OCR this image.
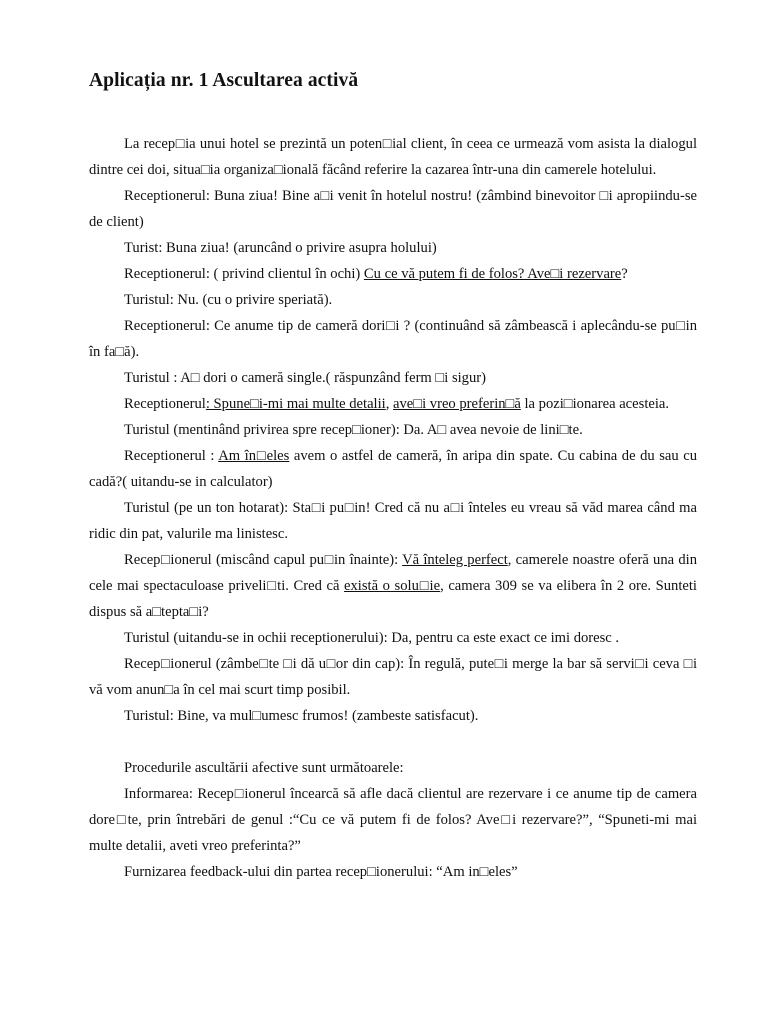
Aplicația nr. 1 Ascultarea activă

La recep□ia unui hotel se prezintă un poten□ial client, în ceea ce urmează vom asista la dialogul dintre cei doi, situa□ia organiza□ională făcând referire la cazarea într-una din camerele hotelului.

Receptionerul: Buna ziua! Bine a□i venit în hotelul nostru! (zâmbind binevoitor □i apropiindu-se de client)

Turist: Buna ziua! (aruncând o privire asupra holului)

Receptionerul: ( privind clientul în ochi) Cu ce vă putem fi de folos? Ave□i rezervare?

Turistul: Nu. (cu o privire speriată).

Receptionerul: Ce anume tip de cameră dori□i ? (continuând să zâmbească i aplecându-se pu□in în fa□ă).

Turistul : A□ dori o cameră single.( răspunzând ferm □i sigur)

Receptionerul: Spune□i-mi mai multe detalii, ave□i vreo preferin□ă la pozi□ionarea acesteia.

Turistul (mentinând privirea spre recep□ioner): Da. A□ avea nevoie de lini□te.

Receptionerul : Am în□eles avem o astfel de cameră, în aripa din spate. Cu cabina de du sau cu cadă?( uitandu-se in calculator)

Turistul (pe un ton hotarat): Sta□i pu□in! Cred că nu a□i înteles eu vreau să văd marea când ma ridic din pat, valurile ma linistesc.

Recep□ionerul (miscând capul pu□in înainte): Vă înteleg perfect, camerele noastre oferă una din cele mai spectaculoase priveli□ti. Cred că există o solu□ie, camera 309 se va elibera în 2 ore. Sunteti dispus să a□tepta□i?

Turistul (uitandu-se in ochii receptionerului): Da, pentru ca este exact ce imi doresc .

Recep□ionerul (zâmbe□te □i dă u□or din cap): În regulă, pute□i merge la bar să servi□i ceva □i vă vom anun□a în cel mai scurt timp posibil.

Turistul: Bine, va mul□umesc frumos! (zambeste satisfacut).

Procedurile ascultării afective sunt următoarele:

Informarea: Recep□ionerul încearcă să afle dacă clientul are rezervare i ce anume tip de camera dore□te, prin întrebări de genul :“Cu ce vă putem fi de folos? Ave□i rezervare?”, “Spuneti-mi mai multe detalii, aveti vreo preferinta?”

Furnizarea feedback-ului din partea recep□ionerului: “Am in□eles”
